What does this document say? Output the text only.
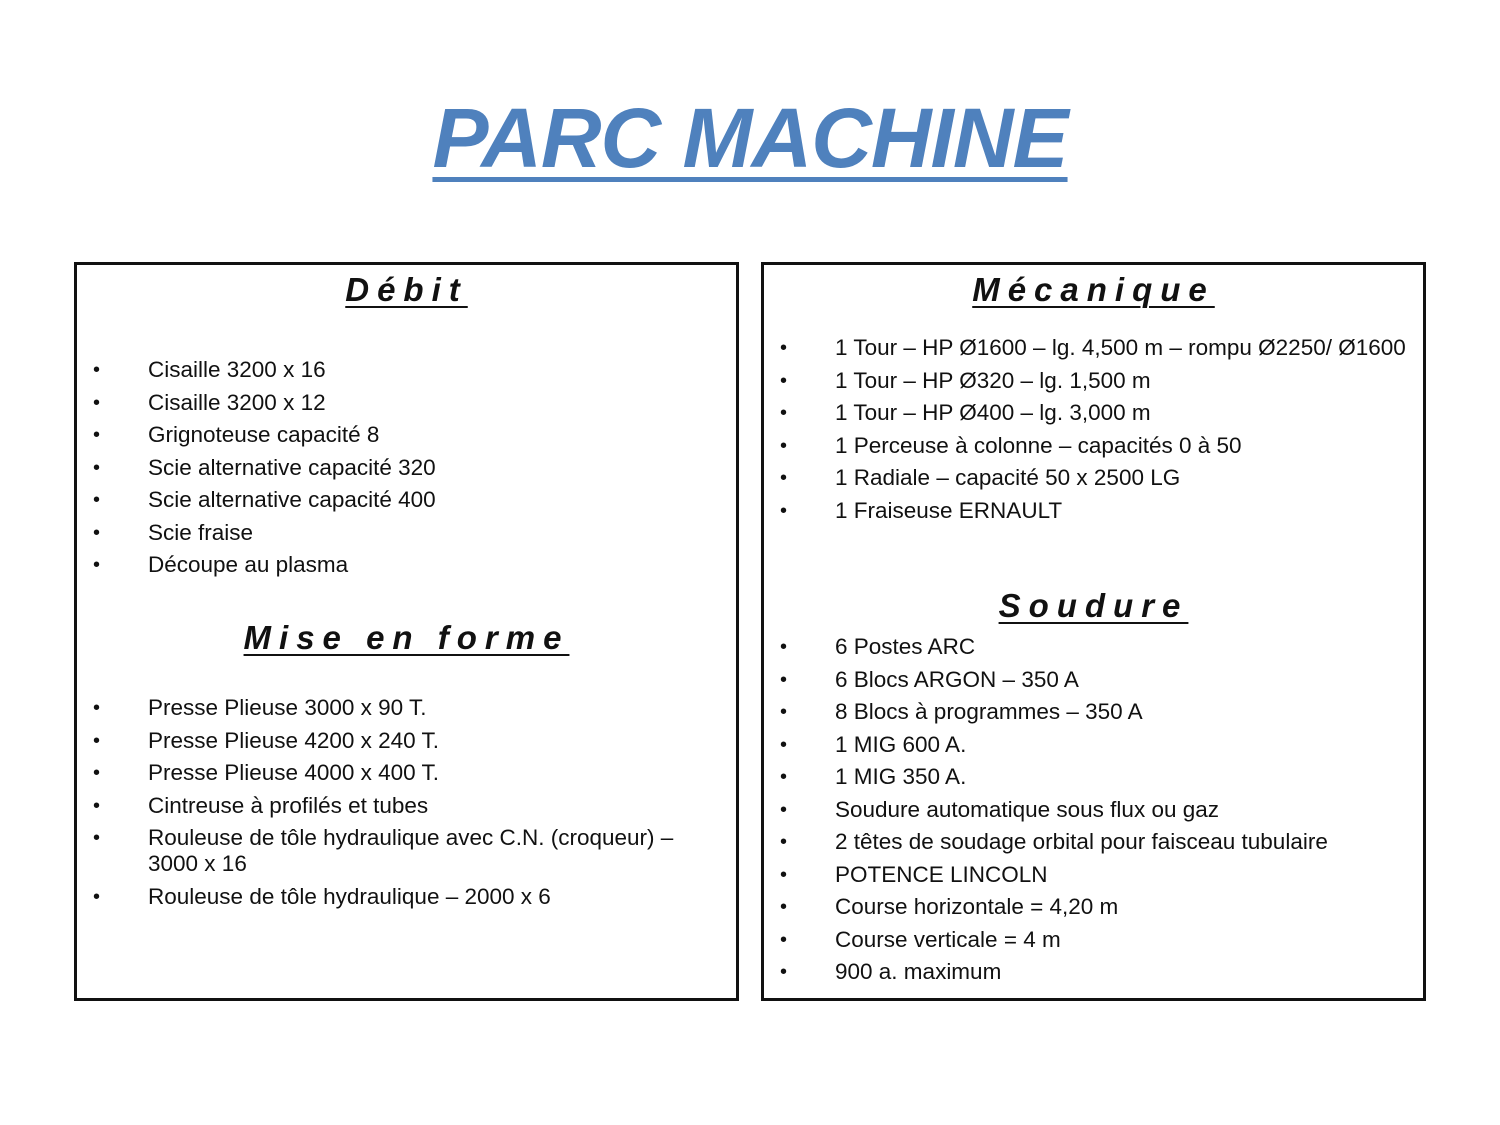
PARC MACHINE
Débit
• Cisaille 3200 x 16
• Cisaille 3200 x 12
• Grignoteuse capacité 8
• Scie alternative capacité 320
• Scie alternative capacité 400
• Scie fraise
• Découpe au plasma
Mise en forme
• Presse Plieuse 3000 x 90 T.
• Presse Plieuse 4200 x 240 T.
• Presse Plieuse 4000 x 400 T.
• Cintreuse à profilés et tubes
• Rouleuse de tôle hydraulique avec C.N. (croqueur) – 3000 x 16
• Rouleuse de tôle hydraulique – 2000 x 6
Mécanique
• 1 Tour – HP Ø1600 – lg. 4,500 m – rompu Ø2250/ Ø1600
• 1 Tour – HP Ø320 – lg. 1,500 m
• 1 Tour – HP Ø400 – lg. 3,000 m
• 1 Perceuse à colonne – capacités 0 à 50
• 1 Radiale – capacité 50 x 2500 LG
• 1 Fraiseuse ERNAULT
Soudure
• 6 Postes ARC
• 6 Blocs ARGON – 350 A
• 8 Blocs à programmes – 350 A
• 1 MIG 600 A.
• 1 MIG 350 A.
• Soudure automatique sous flux ou gaz
• 2 têtes de soudage orbital pour faisceau tubulaire
• POTENCE LINCOLN
• Course horizontale = 4,20 m
• Course verticale = 4 m
• 900 a. maximum
